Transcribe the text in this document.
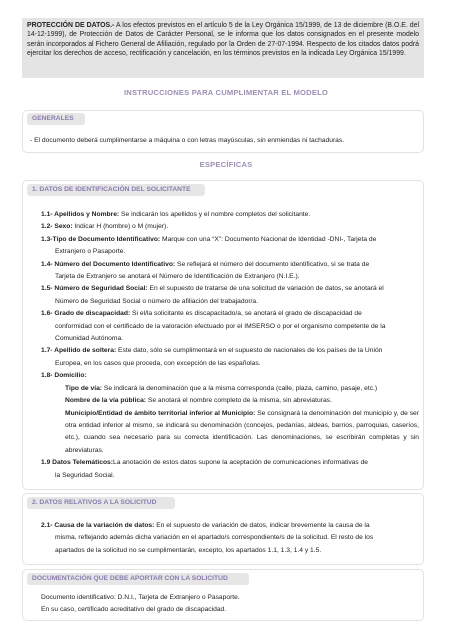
PROTECCIÓN DE DATOS.- A los efectos previstos en el artículo 5 de la Ley Orgánica 15/1999, de 13 de diciembre (B.O.E. del 14-12-1999), de Protección de Datos de Carácter Personal, se le informa que los datos consignados en el presente modelo serán incorporados al Fichero General de Afiliación, regulado por la Orden de 27-07-1994. Respecto de los citados datos podrá ejercitar los derechos de acceso, rectificación y cancelación, en los términos previstos en la indicada Ley Orgánica 15/1999.
INSTRUCCIONES PARA CUMPLIMENTAR EL MODELO
GENERALES
- El documento deberá cumplimentarse a máquina o con letras mayúsculas, sin enmiendas ni tachaduras.
ESPECÍFICAS
1. DATOS DE IDENTIFICACIÓN DEL SOLICITANTE

1.1- Apellidos y Nombre: Se indicarán los apellidos y el nombre completos del solicitante.

1.2- Sexo: Indicar H (hombre) o M (mujer).

1.3-Tipo de Documento Identificativo: Marque con una “X”: Documento Nacional de Identidad -DNI-, Tarjeta de

Extranjero o Pasaporte.

1.4- Número del Documento Identificativo: Se reflejará el número del documento identificativo, si se trata de

Tarjeta de Extranjero se anotará el Número de Identificación de Extranjero (N.I.E.).

1.5- Número de Seguridad Social: En el supuesto de tratarse de una solicitud de variación de datos, se anotará el

Número de Seguridad Social o número de afiliación del trabajador/a.

1.6- Grado de discapacidad: Si el/la solicitante es discapacitado/a, se anotará el grado de discapacidad de

conformidad con el certificado de la valoración efectuado por el IMSERSO o por el organismo competente de la

Comunidad Autónoma.

1.7- Apellido de soltera: Este dato, sólo se cumplimentará en el supuesto de nacionales de los países de la Unión

Europea, en los casos que proceda, con excepción de las españolas.

1.8- Domicilio:

Tipo de vía: Se indicará la denominación que a la misma corresponda (calle, plaza, camino, pasaje, etc.)

Nombre de la vía pública: Se anotará el nombre completo de la misma, sin abreviaturas.

Municipio/Entidad de ámbito territorial inferior al Municipio: Se consignará la denominación del municipio y, de ser otra entidad inferior al mismo, se indicará su denominación (concejos, pedanías, aldeas, barrios, parroquias, caseríos, etc.), cuando sea necesario para su correcta identificación. Las denominaciones, se escribirán completas y sin abreviaturas.

1.9 Datos Telemáticos:La anotación de estos datos supone la aceptación de comunicaciones informativas de

la Seguridad Social.

2. DATOS RELATIVOS A LA SOLICITUD

2.1- Causa de la variación de datos: En el supuesto de variación de datos, indicar brevemente la causa de la

misma, reflejando además dicha variación en el apartado/s correspondiente/s de la solicitud. El resto de los

apartados de la solicitud no se cumplimentarán, excepto, los apartados 1.1, 1.3, 1.4 y 1.5.

DOCUMENTACIÓN QUE DEBE APORTAR CON LA SOLICITUD

Documento identificativo: D.N.I., Tarjeta de Extranjero o Pasaporte.

En su caso, certificado acreditativo del grado de discapacidad.
